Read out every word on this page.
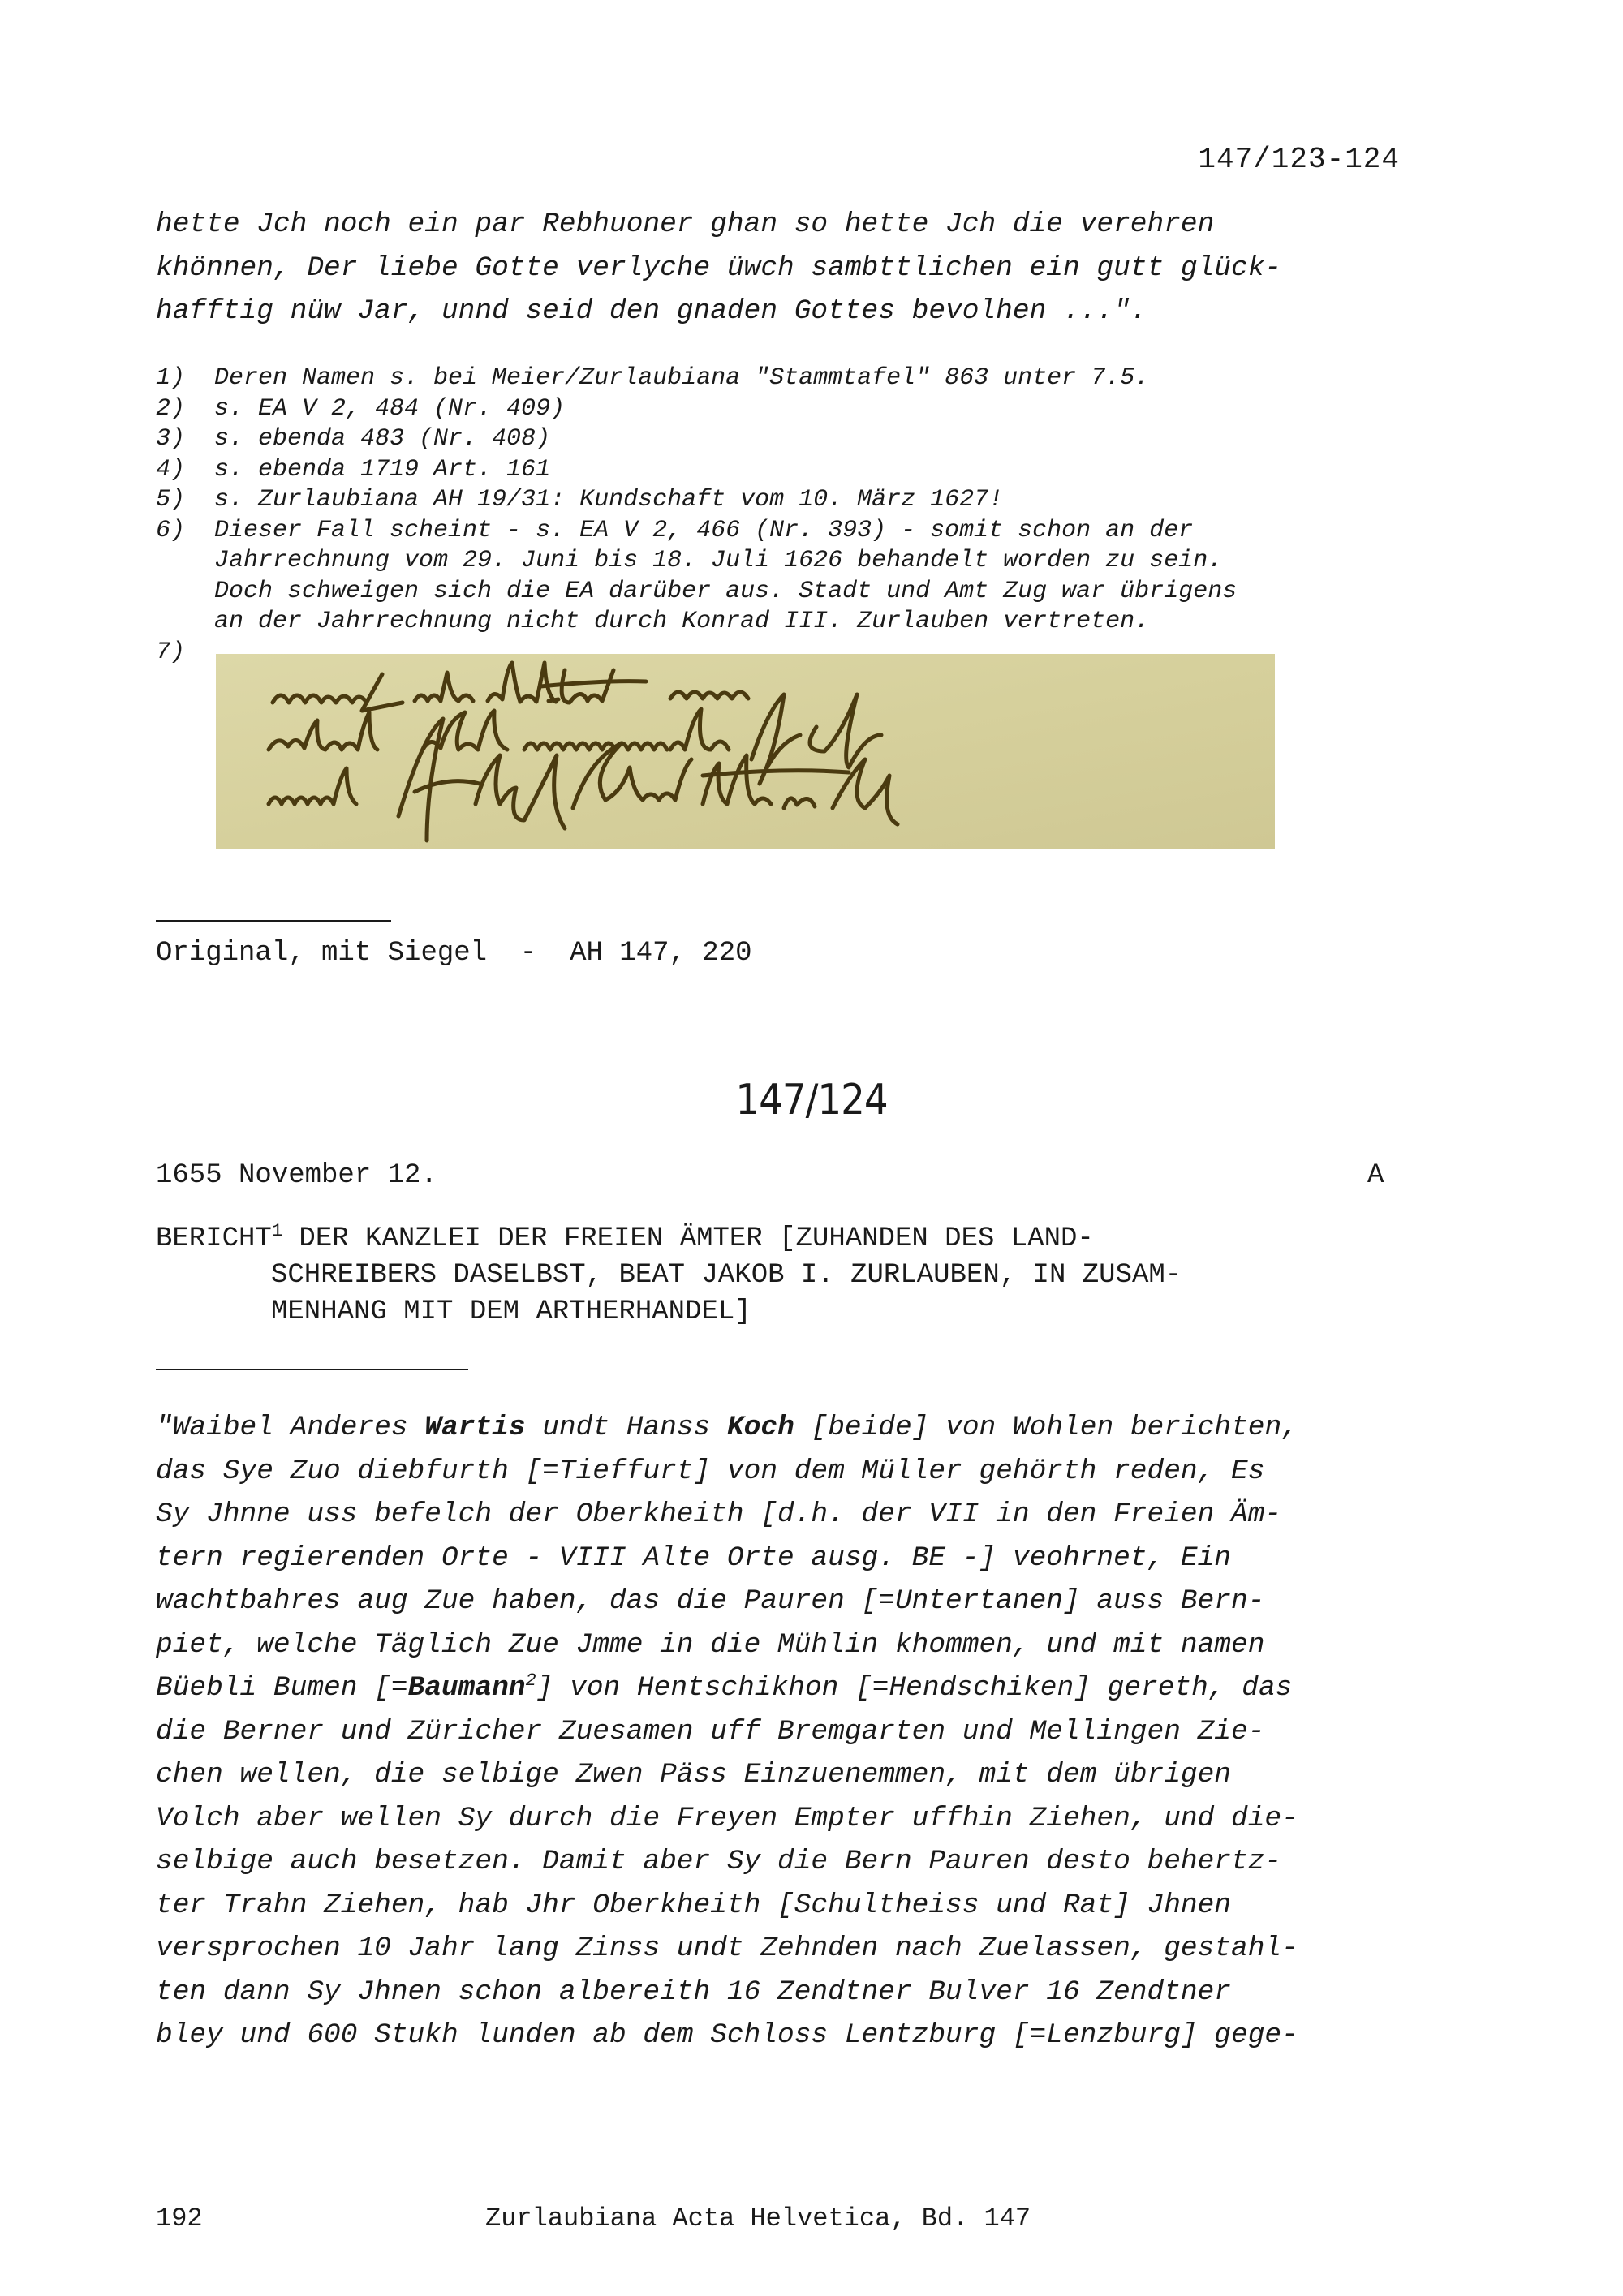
147/123-124

hette Jch noch ein par Rebhuoner ghan so hette Jch die verehren

khönnen, Der liebe Gotte verlyche üwch sambttlichen ein gutt glück-

hafftig nüw Jar, unnd seid den gnaden Gottes bevolhen ...".

1)	Deren Namen s. bei Meier/Zurlaubiana "Stammtafel" 863 unter 7.5.
2)	s. EA V 2, 484 (Nr. 409)
3)	s. ebenda 483 (Nr. 408)
4)	s. ebenda 1719 Art. 161
5)	s. Zurlaubiana AH 19/31: Kundschaft vom 10. März 1627!
6)	Dieser Fall scheint - s. EA V 2, 466 (Nr. 393) - somit schon an der
Jahrrechnung vom 29. Juni bis 18. Juli 1626 behandelt worden zu sein.
Doch schweigen sich die EA darüber aus. Stadt und Amt Zug war übrigens
an der Jahrrechnung nicht durch Konrad III. Zurlauben vertreten.
7)
Original, mit Siegel  -  AH 147, 220
147/124
1655 November 12.	A
BERICHT$^1$ DER KANZLEI DER FREIEN ÄMTER [ZUHANDEN DES LAND-
SCHREIBERS DASELBST, BEAT JAKOB I. ZURLAUBEN, IN ZUSAM-
MENHANG MIT DEM ARTHERHANDEL]

"Waibel Anderes Wartis undt Hanss Koch [beide] von Wohlen berichten,

das Sye Zuo diebfurth [=Tieffurt] von dem Müller gehörth reden, Es

Sy Jhnne uss befelch der Oberkheith [d.h. der VII in den Freien Äm-

tern regierenden Orte - VIII Alte Orte ausg. BE -] veohrnet, Ein

wachtbahres aug Zue haben, das die Pauren [=Untertanen] auss Bern-

piet, welche Täglich Zue Jmme in die Mühlin khommen, und mit namen

Büebli Bumen [=Baumann$^2$] von Hentschikhon [=Hendschiken] gereth, das

die Berner und Züricher Zuesamen uff Bremgarten und Mellingen Zie-

chen wellen, die selbige Zwen Päss Einzuenemmen, mit dem übrigen

Volch aber wellen Sy durch die Freyen Empter uffhin Ziehen, und die-

selbige auch besetzen. Damit aber Sy die Bern Pauren desto behertz-

ter Trahn Ziehen, hab Jhr Oberkheith [Schultheiss und Rat] Jhnen

versprochen 10 Jahr lang Zinss undt Zehnden nach Zuelassen, gestahl-

ten dann Sy Jhnen schon albereith 16 Zendtner Bulver 16 Zendtner

bley und 600 Stukh lunden ab dem Schloss Lentzburg [=Lenzburg] gege-

192	Zurlaubiana Acta Helvetica, Bd. 147
